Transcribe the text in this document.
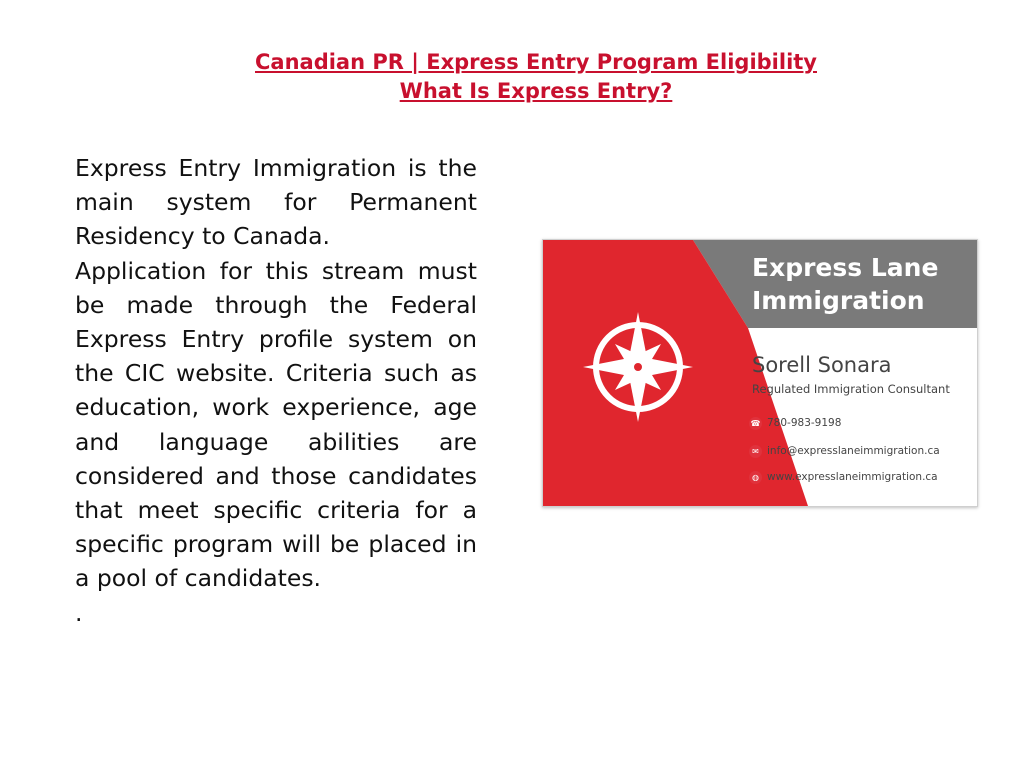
Canadian PR | Express Entry Program Eligibility
What Is Express Entry?

Express Entry Immigration is the main system for Permanent Residency to Canada.

Application for this stream must be made through the Federal Express Entry profile system on the CIC website. Criteria such as education, work experience, age and language abilities are considered and those candidates that meet specific criteria for a specific program will be placed in a pool of candidates.

.

Express Lane
Immigration
Sorell Sonara
Regulated Immigration Consultant
☎ 780-983-9198
✉ info@expresslaneimmigration.ca
◍ www.expresslaneimmigration.ca
